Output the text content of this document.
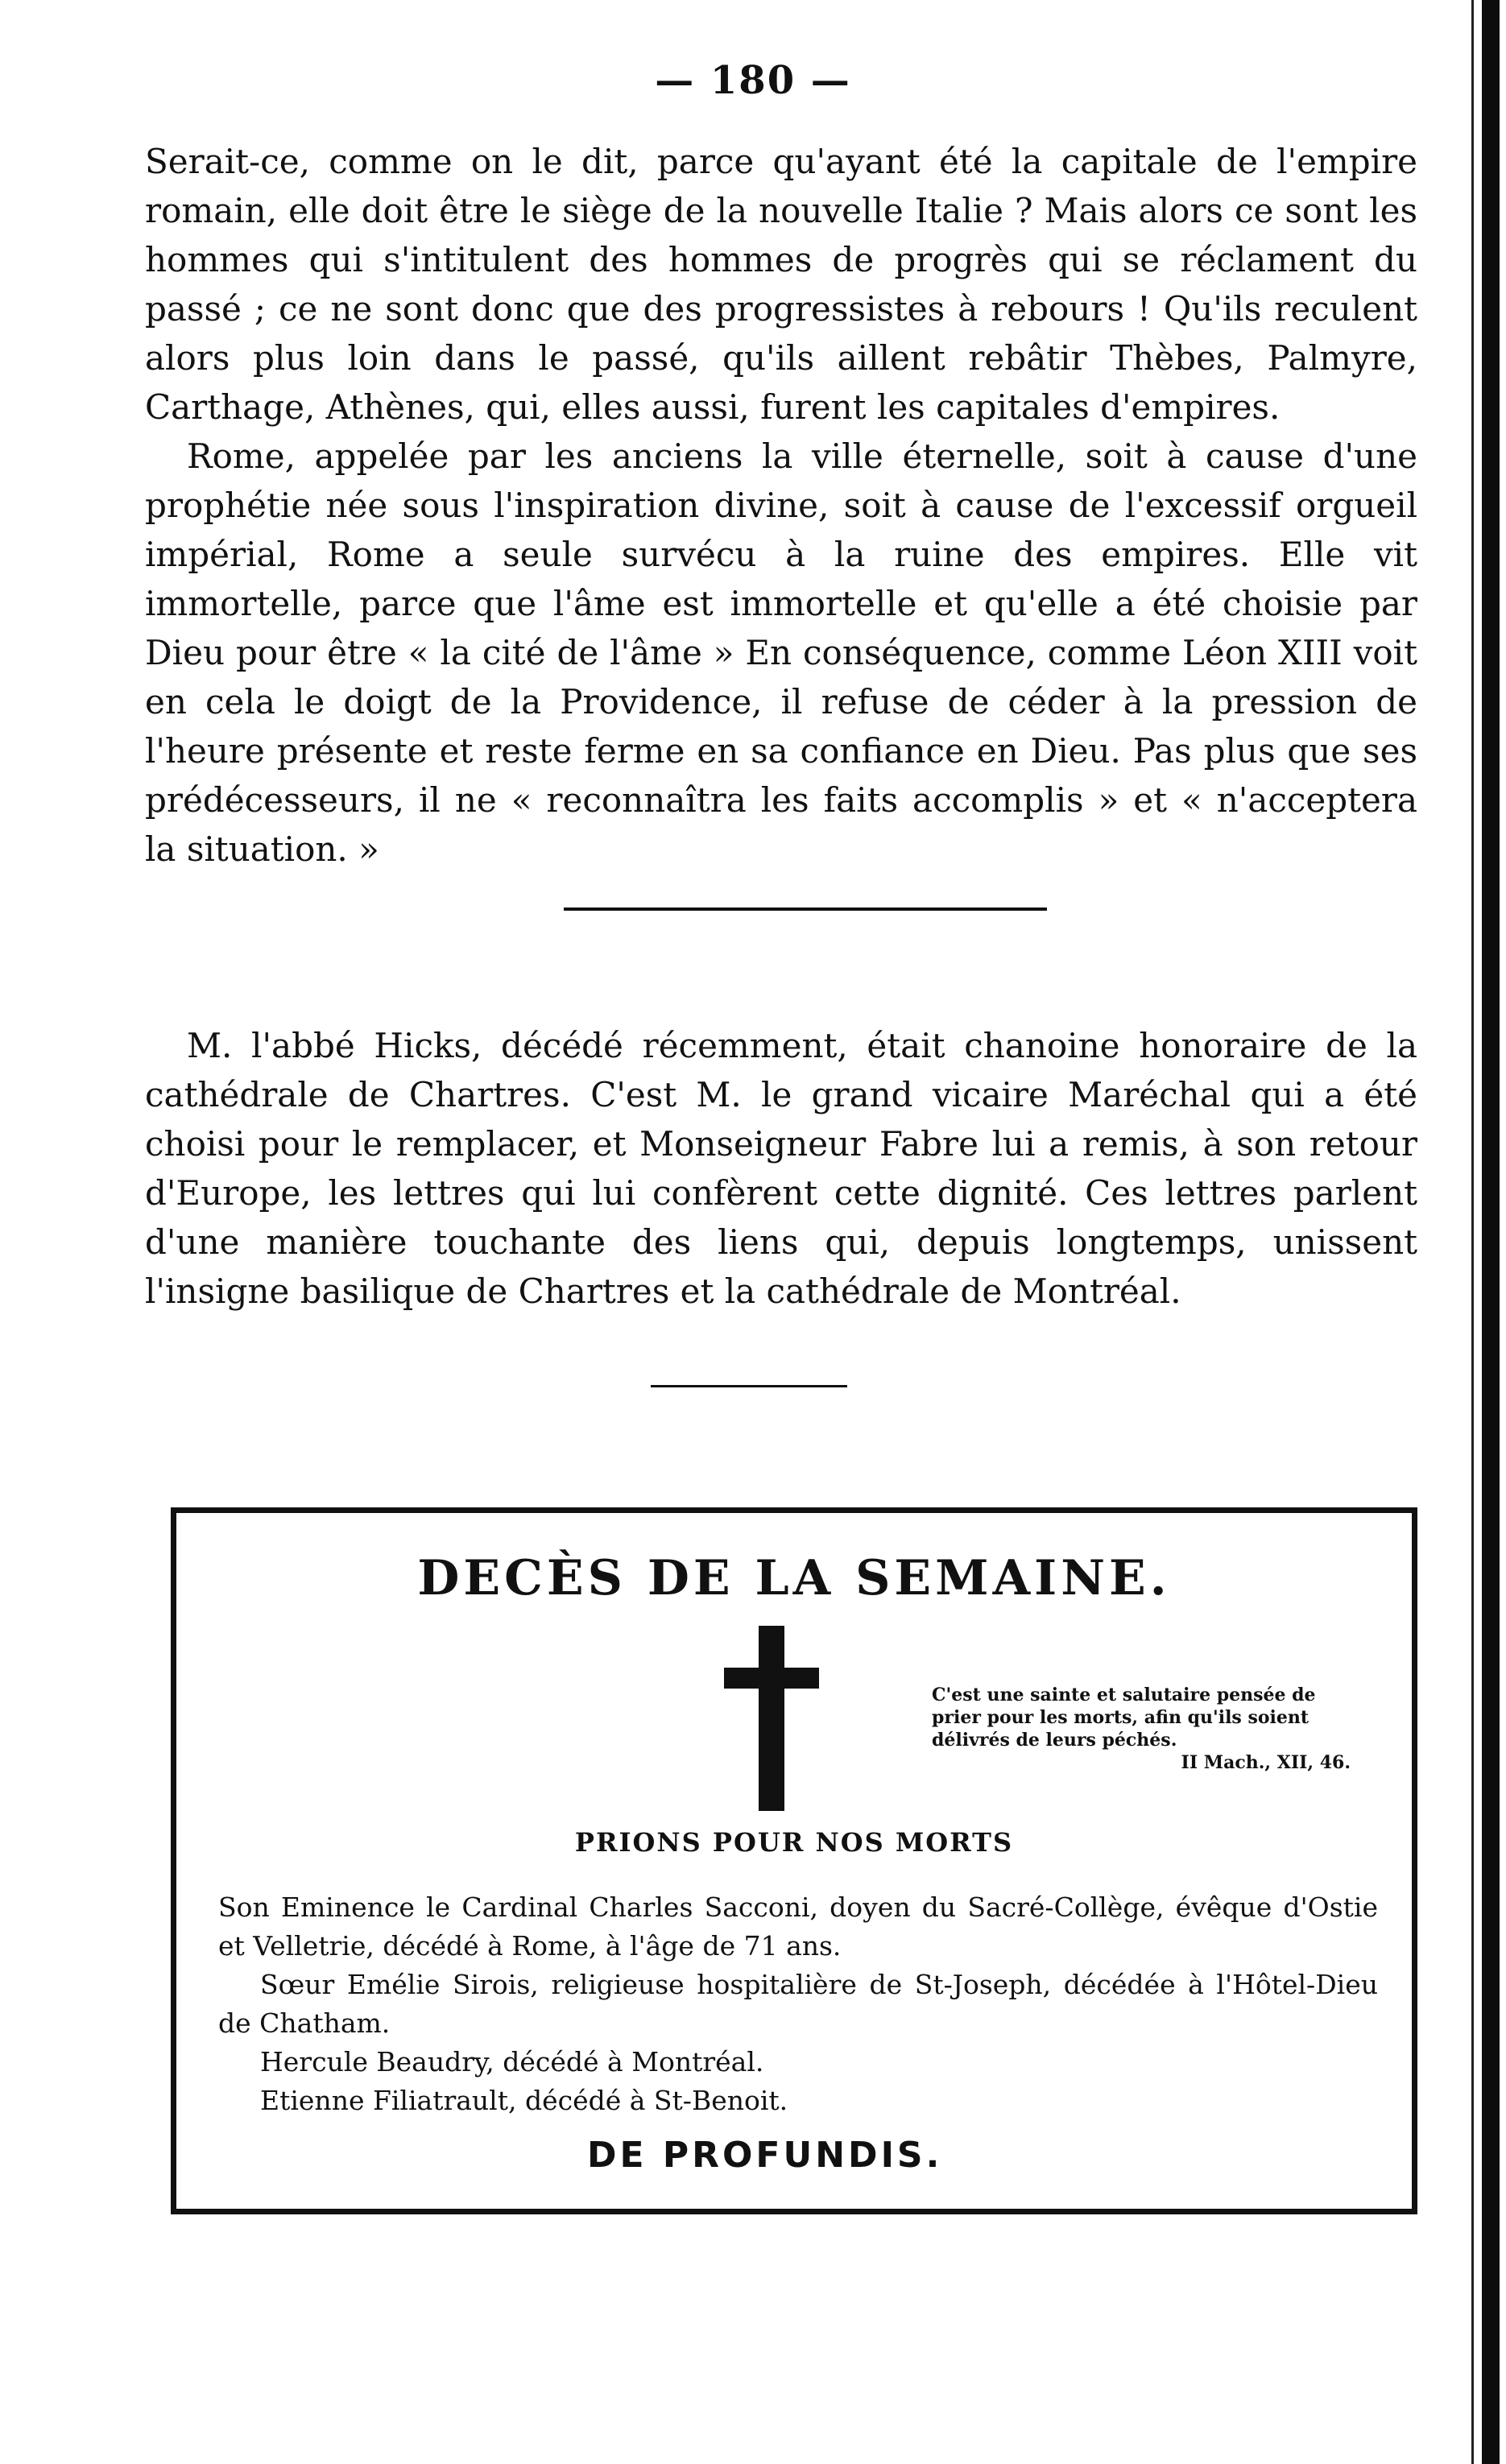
— 180 —

Serait-ce, comme on le dit, parce qu'ayant été la capitale de l'empire romain, elle doit être le siège de la nouvelle Italie ? Mais alors ce sont les hommes qui s'intitulent des hommes de progrès qui se réclament du passé ; ce ne sont donc que des progressistes à rebours ! Qu'ils reculent alors plus loin dans le passé, qu'ils aillent rebâtir Thèbes, Palmyre, Carthage, Athènes, qui, elles aussi, furent les capitales d'empires.

Rome, appelée par les anciens la ville éternelle, soit à cause d'une prophétie née sous l'inspiration divine, soit à cause de l'excessif orgueil impérial, Rome a seule survécu à la ruine des empires. Elle vit immortelle, parce que l'âme est immortelle et qu'elle a été choisie par Dieu pour être « la cité de l'âme » En conséquence, comme Léon XIII voit en cela le doigt de la Providence, il refuse de céder à la pression de l'heure présente et reste ferme en sa confiance en Dieu. Pas plus que ses prédécesseurs, il ne « reconnaîtra les faits accomplis » et « n'acceptera la situation. »

M. l'abbé Hicks, décédé récemment, était chanoine honoraire de la cathédrale de Chartres. C'est M. le grand vicaire Maréchal qui a été choisi pour le remplacer, et Monseigneur Fabre lui a remis, à son retour d'Europe, les lettres qui lui confèrent cette dignité. Ces lettres parlent d'une manière touchante des liens qui, depuis longtemps, unissent l'insigne basilique de Chartres et la cathédrale de Montréal.

DECÈS DE LA SEMAINE.

C'est une sainte et salutaire pensée de

prier pour les morts, afin qu'ils soient

délivrés de leurs péchés.

II Mach., XII, 46.

PRIONS POUR NOS MORTS

Son Eminence le Cardinal Charles Sacconi, doyen du Sacré-Collège, évêque d'Ostie et Velletrie, décédé à Rome, à l'âge de 71 ans.

Sœur Emélie Sirois, religieuse hospitalière de St-Joseph, décédée à l'Hôtel-Dieu de Chatham.

Hercule Beaudry, décédé à Montréal.

Etienne Filiatrault, décédé à St-Benoit.

DE PROFUNDIS.
